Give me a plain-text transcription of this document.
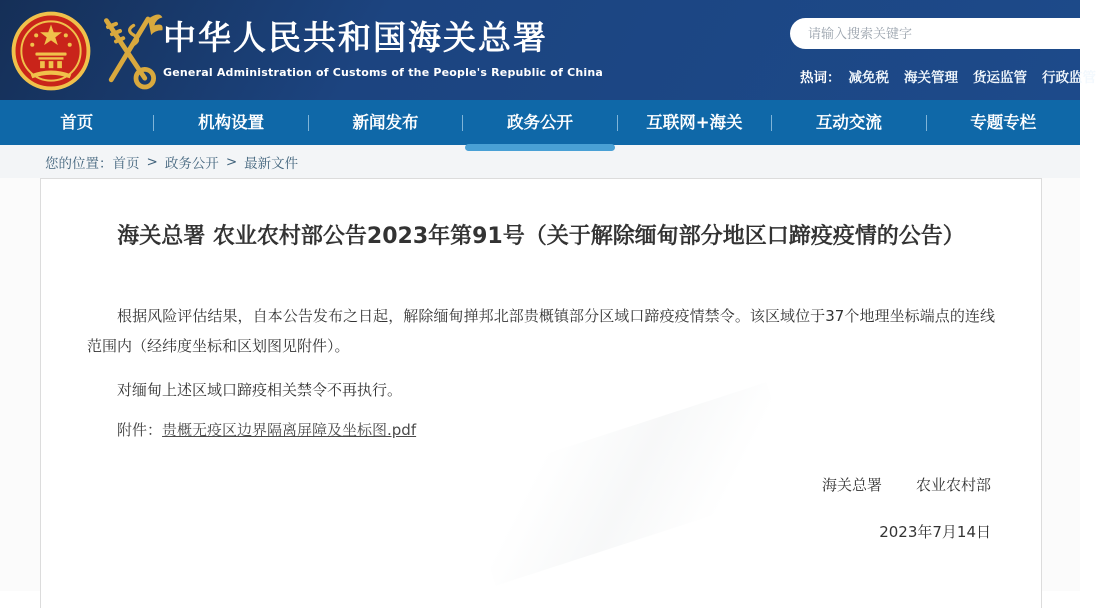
中华人民共和国海关总署
General Administration of Customs of the People's Republic of China
请输入搜索关键字	热词： 减免税 海关管理 货运监管 行政监管
首页	机构设置	新闻发布	政务公开	互联网+海关	互动交流	专题专栏
您的位置： 首页 > 政务公开 > 最新文件
海关总署 农业农村部公告2023年第91号（关于解除缅甸部分地区口蹄疫疫情的公告）

根据风险评估结果，自本公告发布之日起，解除缅甸掸邦北部贵概镇部分区域口蹄疫疫情禁令。该区域位于37个地理坐标端点的连线范围内（经纬度坐标和区划图见附件）。

对缅甸上述区域口蹄疫相关禁令不再执行。

附件：贵概无疫区边界隔离屏障及坐标图.pdf
海关总署 农业农村部
2023年7月14日
